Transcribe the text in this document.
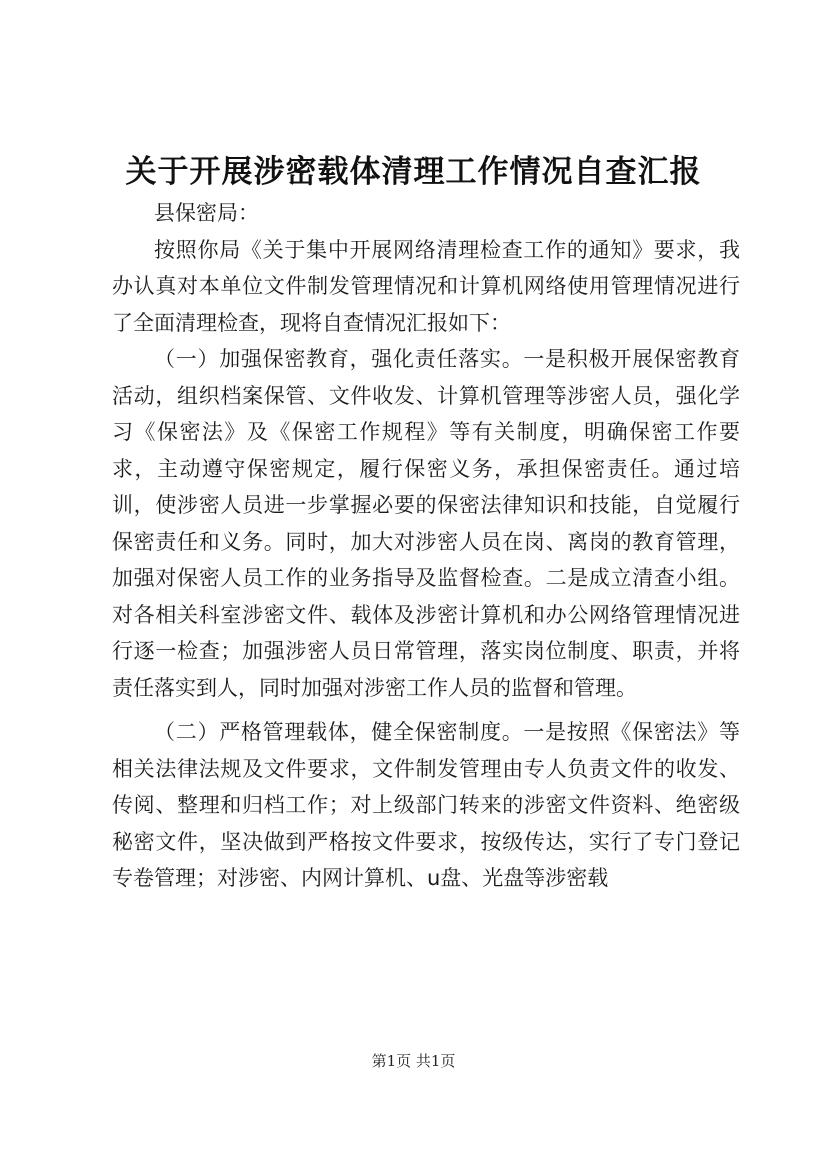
关于开展涉密载体清理工作情况自查汇报

县保密局：

按照你局《关于集中开展网络清理检查工作的通知》要求，我办认真对本单位文件制发管理情况和计算机网络使用管理情况进行了全面清理检查，现将自查情况汇报如下：

（一）加强保密教育，强化责任落实。一是积极开展保密教育活动，组织档案保管、文件收发、计算机管理等涉密人员，强化学习《保密法》及《保密工作规程》等有关制度，明确保密工作要求，主动遵守保密规定，履行保密义务，承担保密责任。通过培训，使涉密人员进一步掌握必要的保密法律知识和技能，自觉履行保密责任和义务。同时，加大对涉密人员在岗、离岗的教育管理，加强对保密人员工作的业务指导及监督检查。二是成立清查小组。对各相关科室涉密文件、载体及涉密计算机和办公网络管理情况进行逐一检查；加强涉密人员日常管理，落实岗位制度、职责，并将责任落实到人，同时加强对涉密工作人员的监督和管理。

（二）严格管理载体，健全保密制度。一是按照《保密法》等相关法律法规及文件要求，文件制发管理由专人负责文件的收发、传阅、整理和归档工作；对上级部门转来的涉密文件资料、绝密级秘密文件，坚决做到严格按文件要求，按级传达，实行了专门登记专卷管理；对涉密、内网计算机、u盘、光盘等涉密载

第1页 共1页
